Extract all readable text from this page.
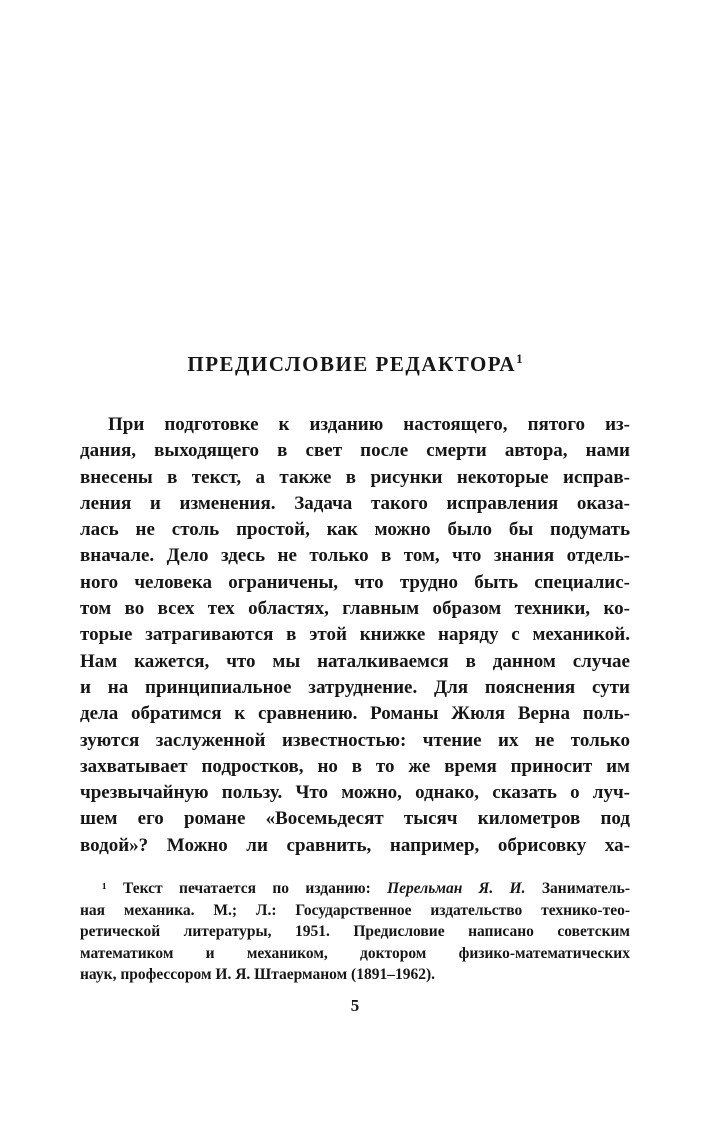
ПРЕДИСЛОВИЕ РЕДАКТОРА$^1$
При подготовке к изданию настоящего, пятого из-
дания, выходящего в свет после смерти автора, нами
внесены в текст, а также в рисунки некоторые исправ-
ления и изменения. Задача такого исправления оказа-
лась не столь простой, как можно было бы подумать
вначале. Дело здесь не только в том, что знания отдель-
ного человека ограничены, что трудно быть специалис-
том во всех тех областях, главным образом техники, ко-
торые затрагиваются в этой книжке наряду с механикой.
Нам кажется, что мы наталкиваемся в данном случае
и на принципиальное затруднение. Для пояснения сути
дела обратимся к сравнению. Романы Жюля Верна поль-
зуются заслуженной известностью: чтение их не только
захватывает подростков, но в то же время приносит им
чрезвычайную пользу. Что можно, однако, сказать о луч-
шем его романе «Восемьдесят тысяч километров под
водой»? Можно ли сравнить, например, обрисовку ха-
¹ Текст печатается по изданию: Перельман Я. И. Заниматель-
ная механика. М.; Л.: Государственное издательство технико-тео-
ретической литературы, 1951. Предисловие написано советским
математиком и механиком, доктором физико-математических
наук, профессором И. Я. Штаерманом (1891–1962).
5
